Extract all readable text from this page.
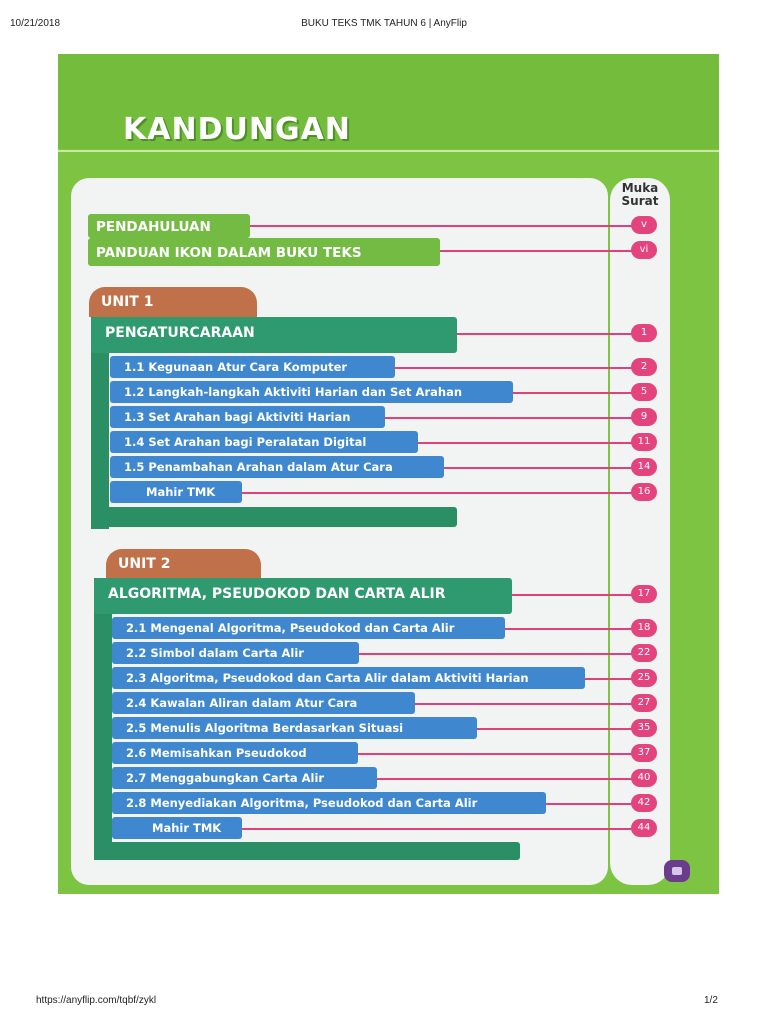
10/21/2018	BUKU TEKS TMK TAHUN 6 | AnyFlip
https://anyflip.com/tqbf/zykl	1/2
KANDUNGAN
Muka Surat
PENDAHULUAN	v
PANDUAN IKON DALAM BUKU TEKS	vi
UNIT 1
PENGATURCARAAN	1
1.1 Kegunaan Atur Cara Komputer	2
1.2 Langkah-langkah Aktiviti Harian dan Set Arahan	5
1.3 Set Arahan bagi Aktiviti Harian	9
1.4 Set Arahan bagi Peralatan Digital	11
1.5 Penambahan Arahan dalam Atur Cara	14
Mahir TMK	16
UNIT 2
ALGORITMA, PSEUDOKOD DAN CARTA ALIR	17
2.1 Mengenal Algoritma, Pseudokod dan Carta Alir	18
2.2 Simbol dalam Carta Alir	22
2.3 Algoritma, Pseudokod dan Carta Alir dalam Aktiviti Harian	25
2.4 Kawalan Aliran dalam Atur Cara	27
2.5 Menulis Algoritma Berdasarkan Situasi	35
2.6 Memisahkan Pseudokod	37
2.7 Menggabungkan Carta Alir	40
2.8 Menyediakan Algoritma, Pseudokod dan Carta Alir	42
Mahir TMK	44
